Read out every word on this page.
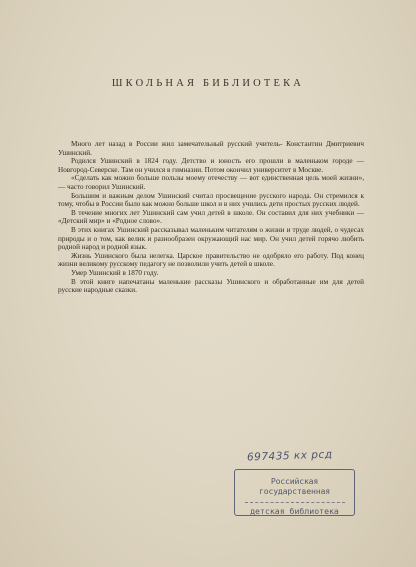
ШКОЛЬНАЯ БИБЛИОТЕКА

Много лет назад в России жил замечательный русский учитель- Константин Дмитриевич Ушинский.

Родился Ушинский в 1824 году. Детство и юность его прошли в маленьком городе — Новгород-Северске. Там он учился в гимназии. Потом окончил университет в Москве.

«Сделать как можно больше пользы моему отечеству — вот единственная цель моей жизни», — часто говорил Ушинский.

Большим и важным делом Ушинский считал просвещение русского народа. Он стремился к тому, чтобы в России было как можно больше школ и в них учились дети простых русских людей.

В течение многих лет Ушинский сам учил детей в школе. Он составил для них учебники — «Детский мир» и «Родное слово».

В этих книгах Ушинский рассказывал маленьким читателям о жизни и труде людей, о чудесах природы и о том, как велик и разнообразен окружающий нас мир. Он учил детей горячо любить родной народ и родной язык.

Жизнь Ушинского была нелегка. Царское правительство не одобряло его работу. Под конец жизни великому русскому педагогу не позволили учить детей в школе.

Умер Ушинский в 1870 году.

В этой книге напечатаны маленькие рассказы Ушинского и обработанные им для детей русские народные сказки.

697435 кх рсд
Российская государственная
детская библиотека
